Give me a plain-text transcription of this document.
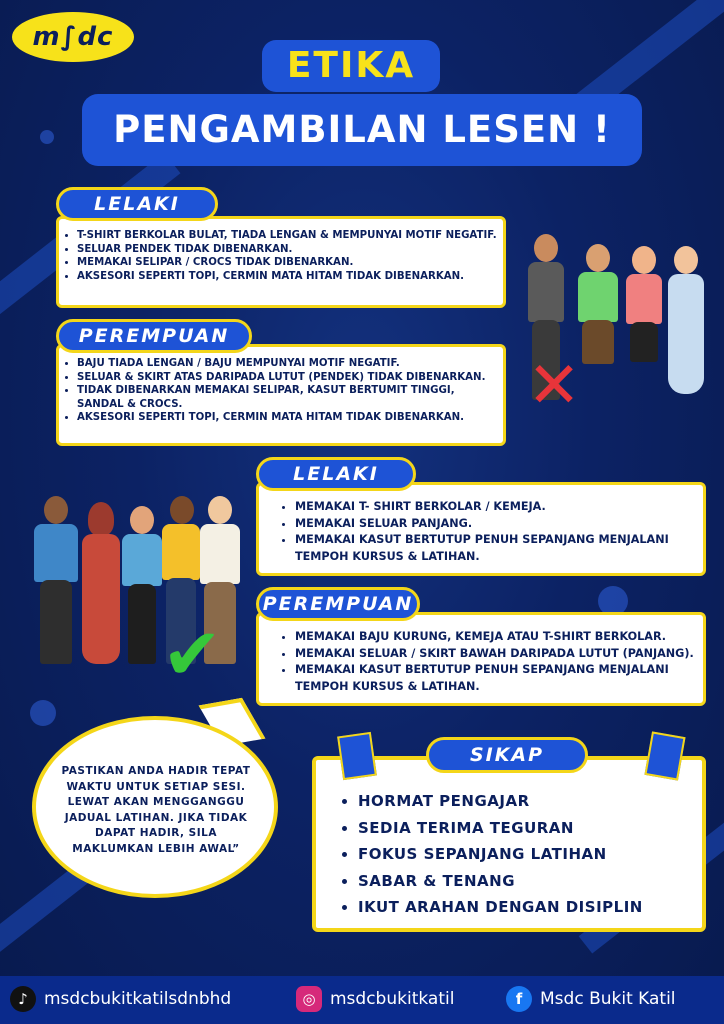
m∫dc
ETIKA
PENGAMBILAN LESEN !
• T-SHIRT BERKOLAR BULAT, TIADA LENGAN & MEMPUNYAI MOTIF NEGATIF.
• SELUAR PENDEK TIDAK DIBENARKAN.
• MEMAKAI SELIPAR / CROCS TIDAK DIBENARKAN.
• AKSESORI SEPERTI TOPI, CERMIN MATA HITAM TIDAK DIBENARKAN.
LELAKI
• BAJU TIADA LENGAN / BAJU MEMPUNYAI MOTIF NEGATIF.
• SELUAR & SKIRT ATAS DARIPADA LUTUT (PENDEK) TIDAK DIBENARKAN.
• TIDAK DIBENARKAN MEMAKAI SELIPAR, KASUT BERTUMIT TINGGI, SANDAL & CROCS.
• AKSESORI SEPERTI TOPI, CERMIN MATA HITAM TIDAK DIBENARKAN.
PEREMPUAN
✕
• MEMAKAI T- SHIRT BERKOLAR / KEMEJA.
• MEMAKAI SELUAR PANJANG.
• MEMAKAI KASUT BERTUTUP PENUH SEPANJANG MENJALANI TEMPOH KURSUS & LATIHAN.
LELAKI
• MEMAKAI BAJU KURUNG, KEMEJA ATAU T-SHIRT BERKOLAR.
• MEMAKAI SELUAR / SKIRT BAWAH DARIPADA LUTUT (PANJANG).
• MEMAKAI KASUT BERTUTUP PENUH SEPANJANG MENJALANI TEMPOH KURSUS & LATIHAN.
PEREMPUAN
✔
PASTIKAN ANDA HADIR TEPAT WAKTU UNTUK SETIAP SESI. LEWAT AKAN MENGGANGGU JADUAL LATIHAN. JIKA TIDAK DAPAT HADIR, SILA MAKLUMKAN LEBIH AWAL”
• HORMAT PENGAJAR
• SEDIA TERIMA TEGURAN
• FOKUS SEPANJANG LATIHAN
• SABAR & TENANG
• IKUT ARAHAN DENGAN DISIPLIN
SIKAP
♪ msdcbukitkatilsdnbhd	◎ msdcbukitkatil	f	Msdc Bukit Katil
